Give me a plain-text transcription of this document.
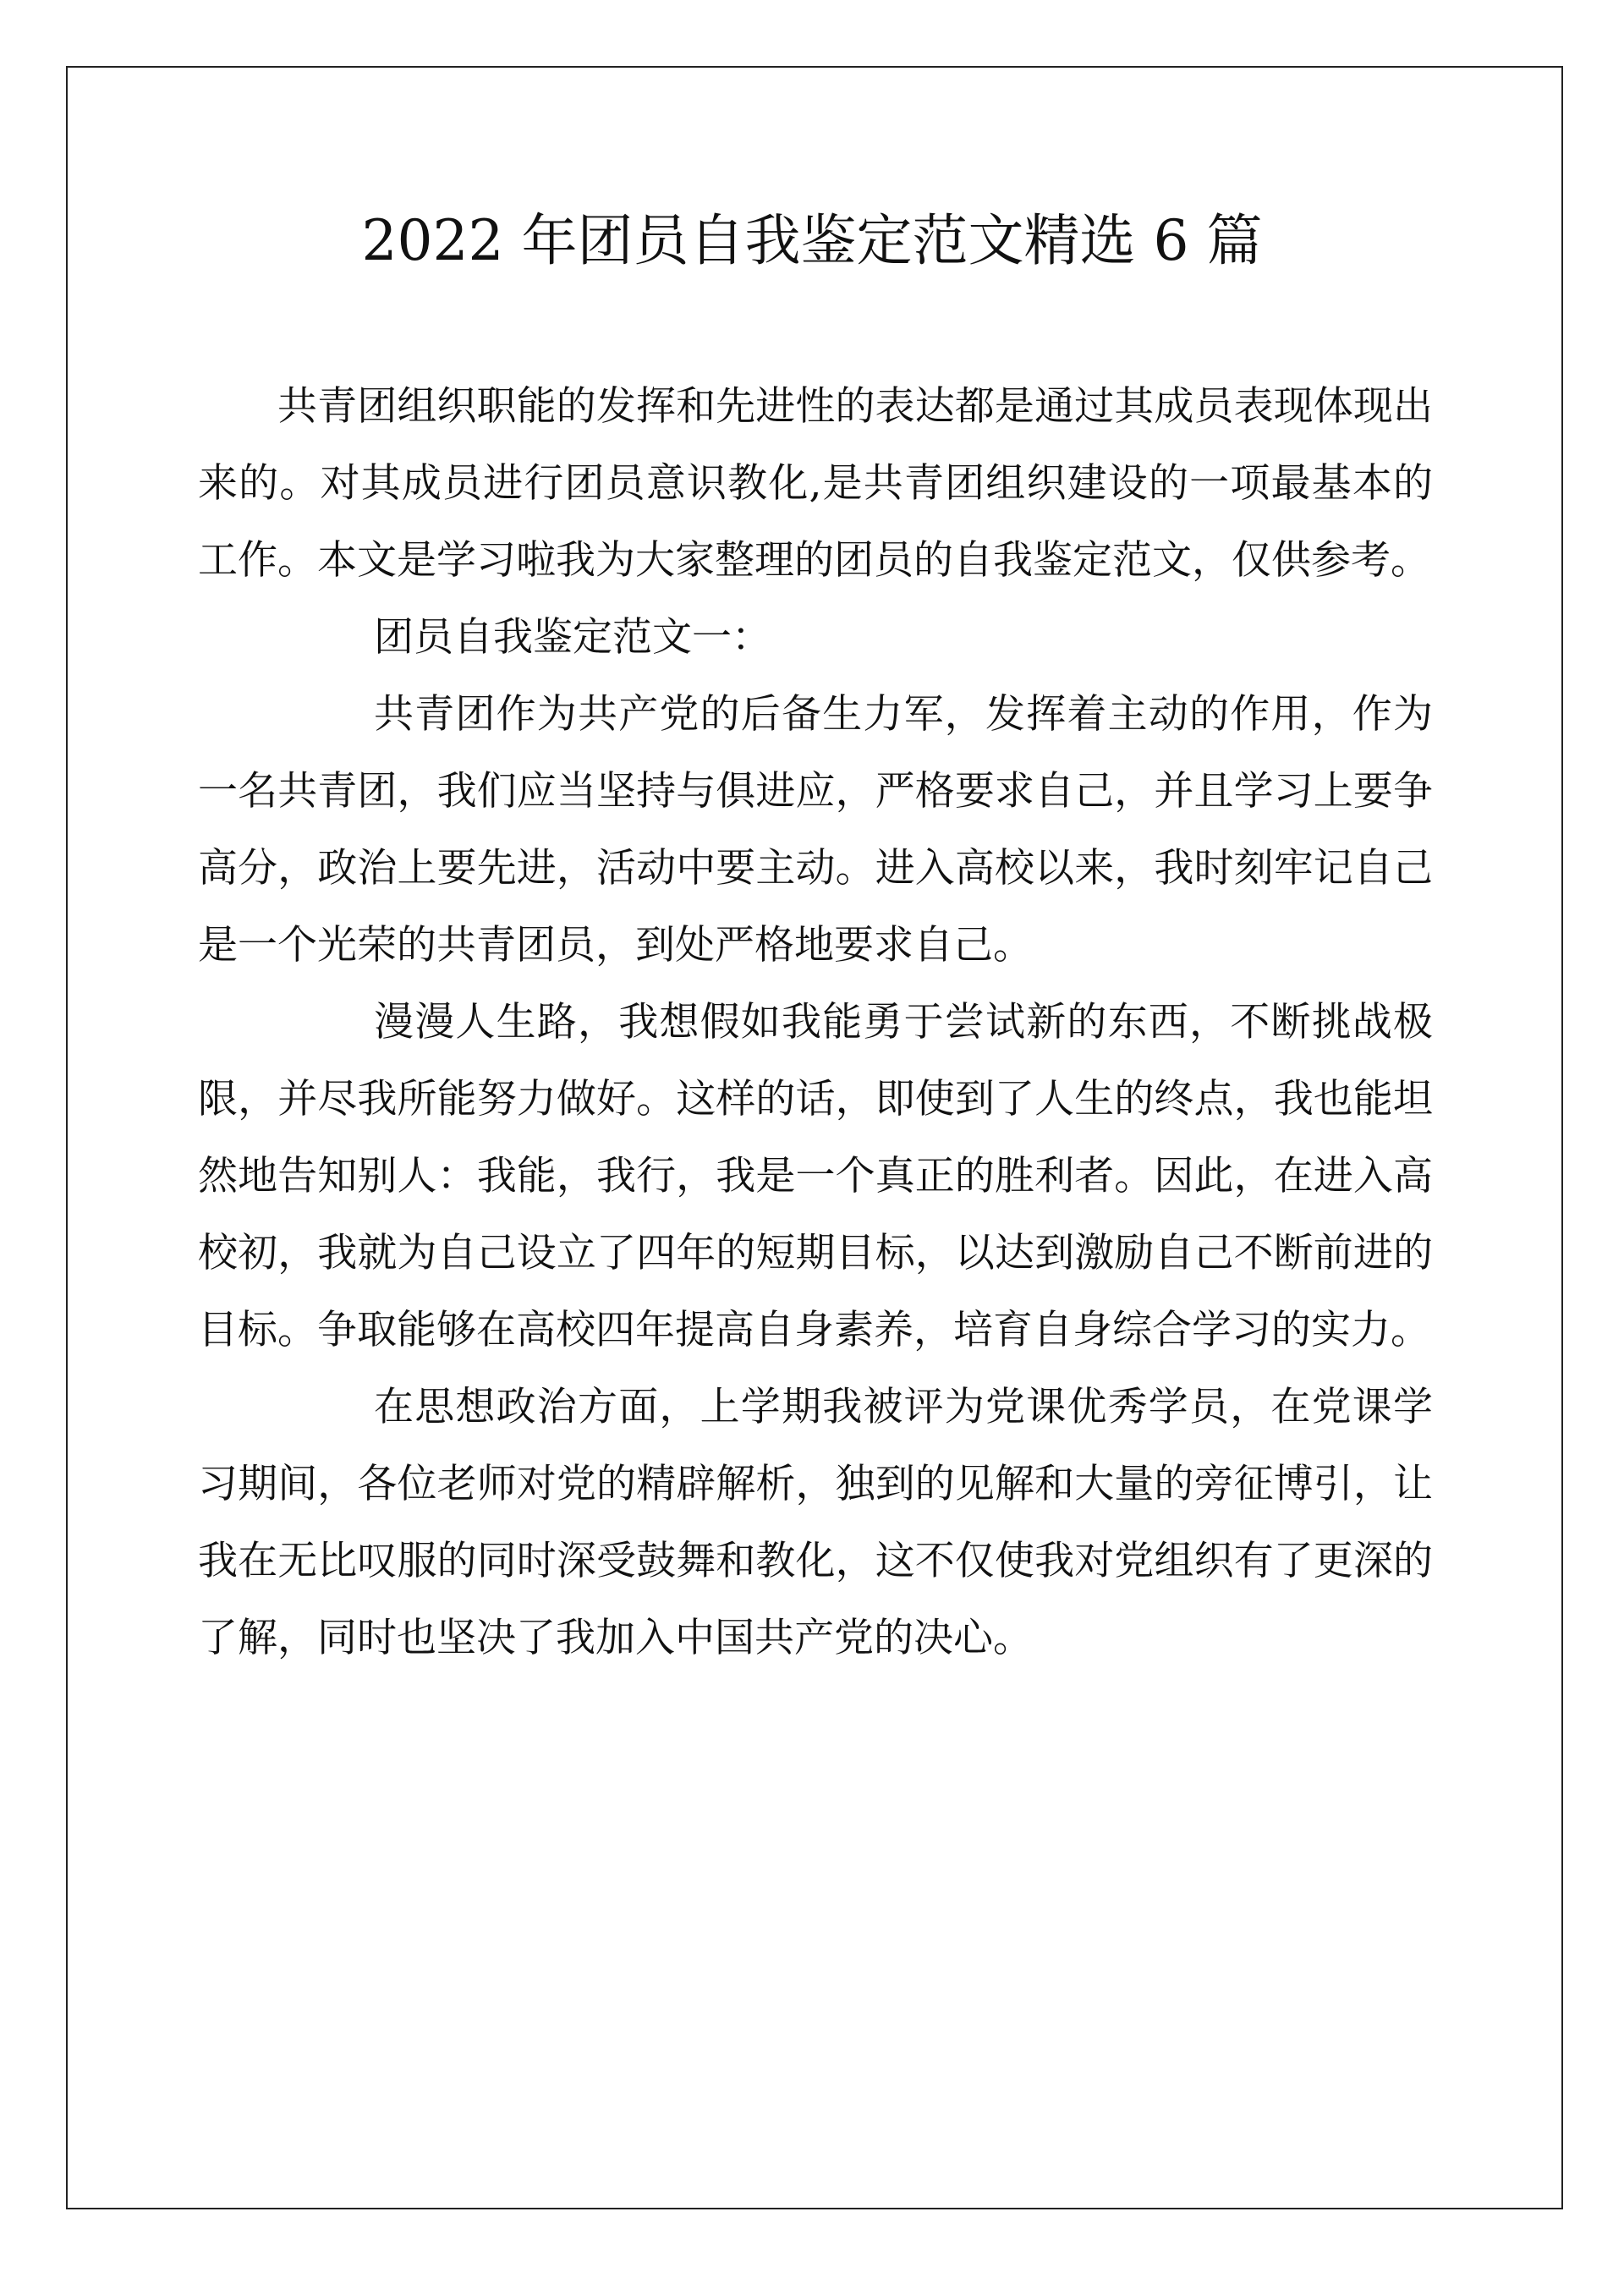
2022 年团员自我鉴定范文精选 6 篇

共青团组织职能的发挥和先进性的表达都是通过其成员表现体现出来的。对其成员进行团员意识教化,是共青团组织建设的一项最基本的工作。本文是学习啦我为大家整理的团员的自我鉴定范文，仅供参考。

团员自我鉴定范文一：

共青团作为共产党的后备生力军，发挥着主动的作用，作为一名共青团，我们应当坚持与俱进应，严格要求自己，并且学习上要争高分，政治上要先进，活动中要主动。进入高校以来，我时刻牢记自己是一个光荣的共青团员，到处严格地要求自己。

漫漫人生路，我想假如我能勇于尝试新的东西，不断挑战极限，并尽我所能努力做好。这样的话，即使到了人生的终点，我也能坦然地告知别人：我能，我行，我是一个真正的胜利者。因此，在进入高校初，我就为自己设立了四年的短期目标，以达到激励自己不断前进的目标。争取能够在高校四年提高自身素养，培育自身综合学习的实力。

在思想政治方面，上学期我被评为党课优秀学员，在党课学习期间，各位老师对党的精辟解析，独到的见解和大量的旁征博引，让我在无比叹服的同时深受鼓舞和教化，这不仅使我对党组织有了更深的了解，同时也坚决了我加入中国共产党的决心。
